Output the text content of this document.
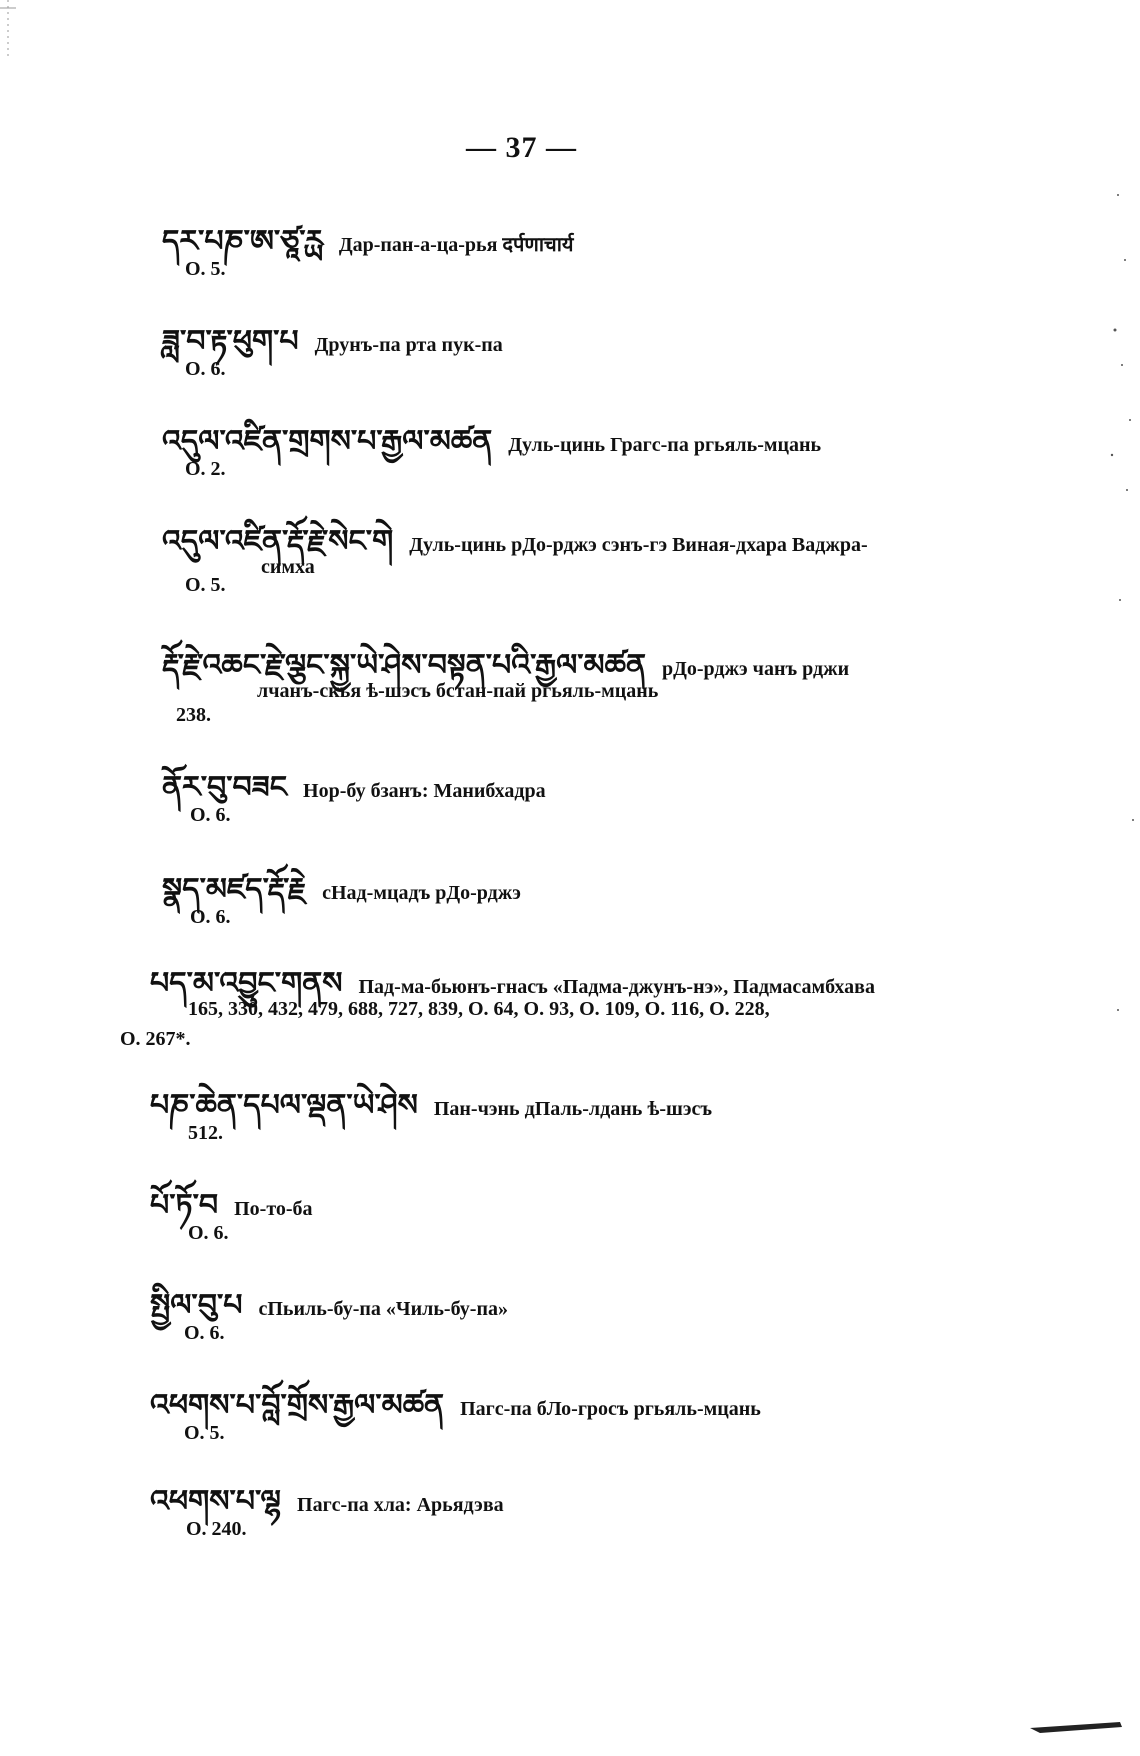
— 37 —
དར་པཎ་ཨ་ཙཱ་ཪྻ Дар-пан-а-ца-рья दर्पणाचार्य
O. 5.
ཟླ་བ་རྟ་ཕུག་པ Друнъ-па рта пук-па
O. 6.
འདུལ་འཛིན་གྲགས་པ་རྒྱལ་མཚན Дуль-цинь Грагс-па ргьяль-мцань
O. 2.
འདུལ་འཛིན་རྡོ་རྗེ་སེང་གེ Дуль-цинь рДо-рджэ сэнъ-гэ Виная-дхара Ваджра-
симха
O. 5.
རྡོ་རྗེ་འཆང་རྗེ་ལྕང་སྐྱ་ཡེ་ཤེས་བསྟན་པའི་རྒྱལ་མཚན рДо-рджэ чанъ рджи
лчанъ-скья ѣ-шэсъ бстан-пай ргьяль-мцань
238.
ནོར་བུ་བཟང Нор-бу бзанъ: Манибхадра
O. 6.
སྣད་མཛད་རྡོ་རྗེ сНад-мцадъ рДо-рджэ
O. 6.
པད་མ་འབྱུང་གནས Пад-ма-бьюнъ-гнасъ «Падма-джунъ-нэ», Падмасамбхава
165, 330, 432, 479, 688, 727, 839, O. 64, O. 93, O. 109, O. 116, O. 228,
O. 267*.
པཎ་ཆེན་དཔལ་ལྡན་ཡེ་ཤེས Пан-чэнь дПаль-лдань ѣ-шэсъ
512.
པོ་ཏོ་བ По-то-ба
O. 6.
སྤྱིལ་བུ་པ сПьиль-бу-па «Чиль-бу-па»
O. 6.
འཕགས་པ་བློ་གྲོས་རྒྱལ་མཚན Пагс-па бЛо-гросъ ргьяль-мцань
O. 5.
འཕགས་པ་ལྷ Пагс-па хла: Арьядэва
O. 240.
